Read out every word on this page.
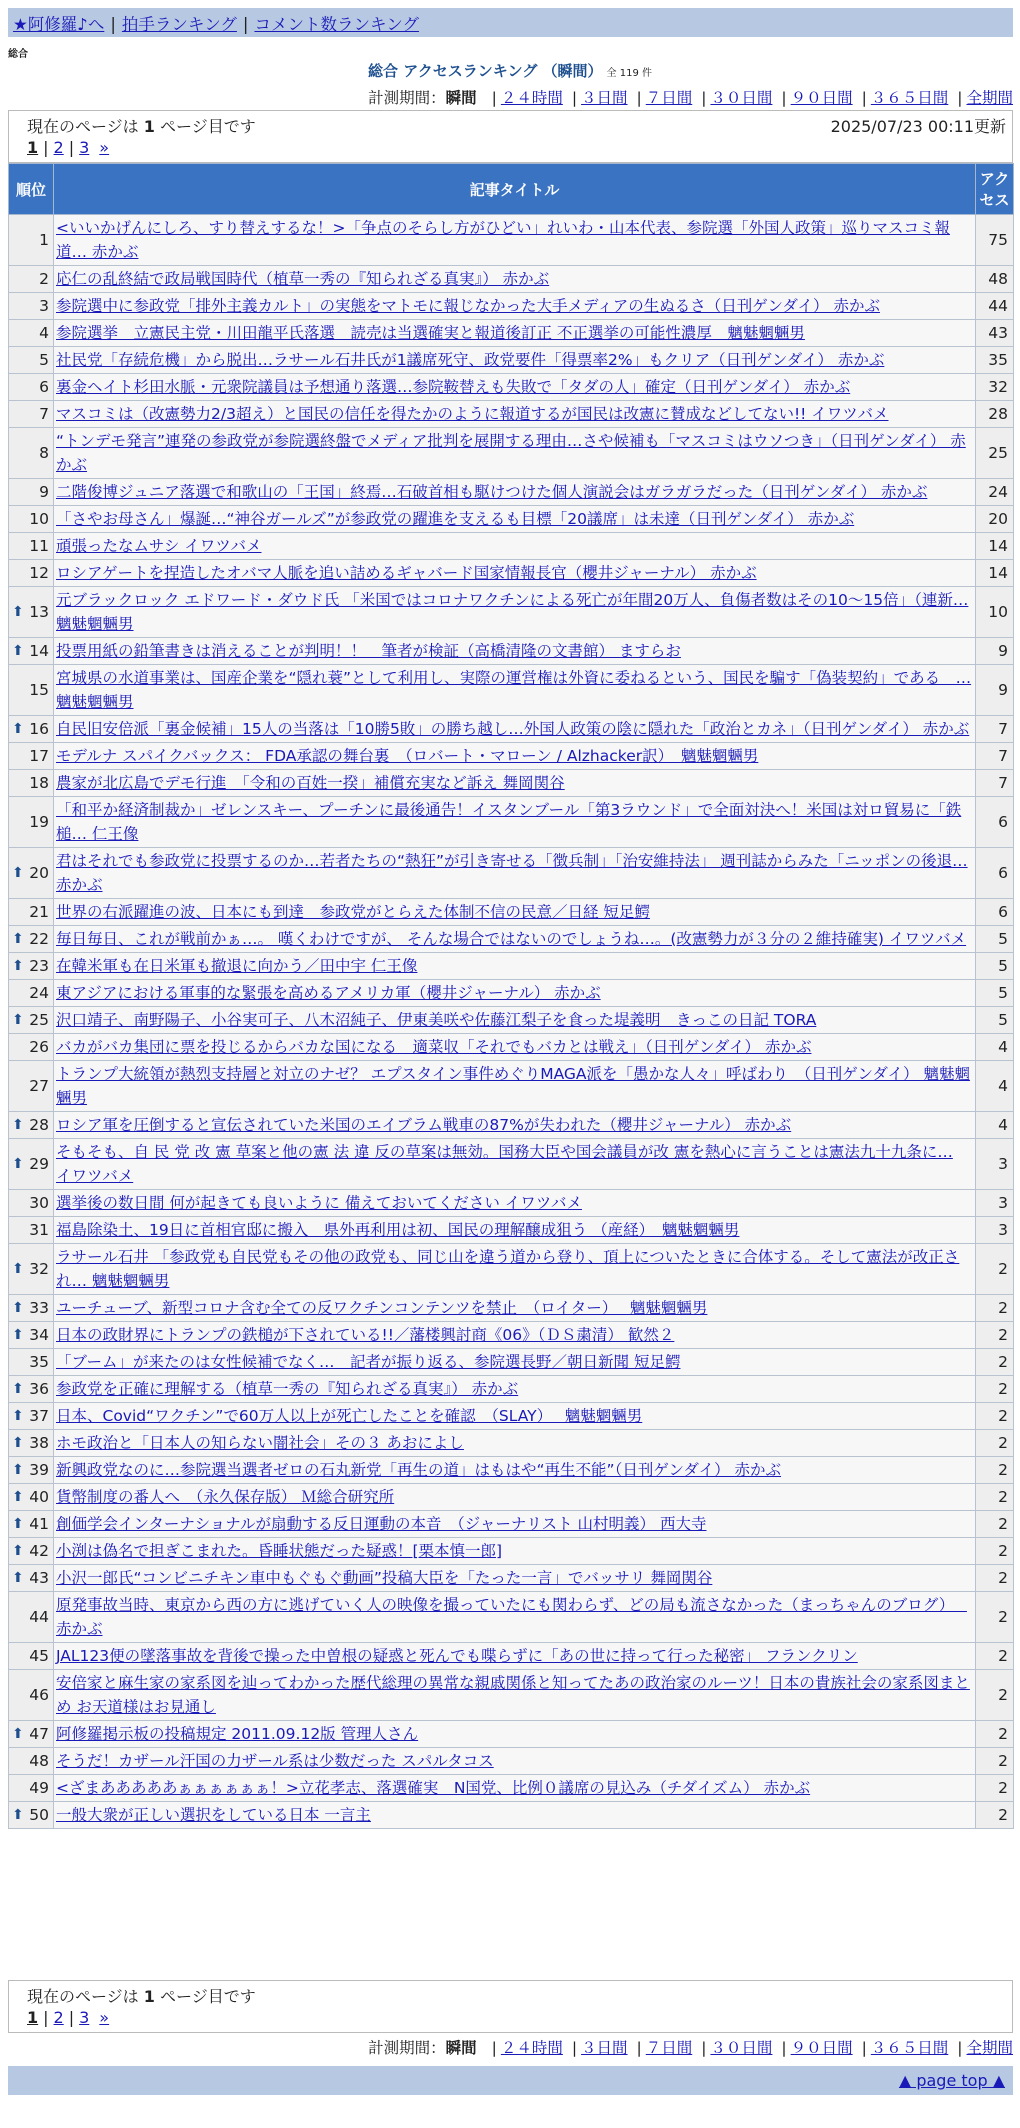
★阿修羅♪へ | 拍手ランキング | コメント数ランキング
総合
総合 アクセスランキング （瞬間） 全 119 件
計測期間：瞬間 | ２４時間 | ３日間 | ７日間 | ３０日間 | ９０日間 | ３６５日間 | 全期間
現在のページは 1 ページ目です	2025/07/23 00:11更新
1 | 2 | 3 »
順位	記事タイトル	アクセス
1	<いいかげんにしろ、すり替えするな！>「争点のそらし方がひどい」れいわ・山本代表、参院選「外国人政策」巡りマスコミ報道… 赤かぶ	75
2	応仁の乱終結で政局戦国時代（植草一秀の『知られざる真実』） 赤かぶ	48
3	参院選中に参政党「排外主義カルト」の実態をマトモに報じなかった大手メディアの生ぬるさ（日刊ゲンダイ） 赤かぶ	44
4	参院選挙　立憲民主党・川田龍平氏落選　読売は当選確実と報道後訂正 不正選挙の可能性濃厚　魑魅魍魎男	43
5	社民党「存続危機」から脱出…ラサール石井氏が1議席死守、政党要件「得票率2%」もクリア（日刊ゲンダイ） 赤かぶ	35
6	裏金ヘイト杉田水脈・元衆院議員は予想通り落選…参院鞍替えも失敗で「タダの人」確定（日刊ゲンダイ） 赤かぶ	32
7	マスコミは（改憲勢力2/3超え）と国民の信任を得たかのように報道するが国民は改憲に賛成などしてない!! イワツバメ	28
8	“トンデモ発言”連発の参政党が参院選終盤でメディア批判を展開する理由…さや候補も「マスコミはウソつき」（日刊ゲンダイ） 赤かぶ	25
9	二階俊博ジュニア落選で和歌山の「王国」終焉…石破首相も駆けつけた個人演説会はガラガラだった（日刊ゲンダイ） 赤かぶ	24
10	「さやお母さん」爆誕…“神谷ガールズ”が参政党の躍進を支えるも目標「20議席」は未達（日刊ゲンダイ） 赤かぶ	20
11	頑張ったなムサシ イワツバメ	14
12	ロシアゲートを捏造したオバマ人脈を追い詰めるギャバード国家情報長官（櫻井ジャーナル） 赤かぶ	14

⬆ 13	元ブラックロック エドワード・ダウド氏 「米国ではコロナワクチンによる死亡が年間20万人、負傷者数はその10〜15倍」（連新… 魑魅魍魎男	10

⬆ 14	投票用紙の鉛筆書きは消えることが判明！！　筆者が検証（高橋清隆の文書館） ますらお	9
15	宮城県の水道事業は、国産企業を“隠れ蓑”として利用し、実際の運営権は外資に委ねるという、国民を騙す「偽装契約」である　… 魑魅魍魎男	9

⬆ 16	自民旧安倍派「裏金候補」15人の当落は「10勝5敗」の勝ち越し…外国人政策の陰に隠れた「政治とカネ」（日刊ゲンダイ） 赤かぶ	7
17	モデルナ スパイクバックス： FDA承認の舞台裏　（ロバート・マローン / Alzhacker訳）　魑魅魍魎男	7
18	農家が北広島でデモ行進　「令和の百姓一揆」補償充実など訴え 舞岡関谷	7
19	「和平か経済制裁か」ゼレンスキー、プーチンに最後通告！イスタンブール「第3ラウンド」で全面対決へ！米国は対ロ貿易に「鉄槌… 仁王像	6

⬆ 20	君はそれでも参政党に投票するのか…若者たちの“熱狂”が引き寄せる「徴兵制」「治安維持法」 週刊誌からみた「ニッポンの後退… 赤かぶ	6
21	世界の右派躍進の波、日本にも到達　参政党がとらえた体制不信の民意／日経 短足鰐	6

⬆ 22	毎日毎日、これが戦前かぁ…。 嘆くわけですが、 そんな場合ではないのでしょうね…。(改憲勢力が３分の２維持確実) イワツバメ	5

⬆ 23	在韓米軍も在日米軍も撤退に向かう／田中宇 仁王像	5
24	東アジアにおける軍事的な緊張を高めるアメリカ軍（櫻井ジャーナル） 赤かぶ	5

⬆ 25	沢口靖子、南野陽子、小谷実可子、八木沼純子、伊東美咲や佐藤江梨子を食った堤義明　きっこの日記 TORA	5
26	バカがバカ集団に票を投じるからバカな国になる　適菜収「それでもバカとは戦え」（日刊ゲンダイ） 赤かぶ	4
27	トランプ大統領が熱烈支持層と対立のナゼ？ エプスタイン事件めぐりMAGA派を「愚かな人々」呼ばわり　（日刊ゲンダイ） 魑魅魍魎男	4

⬆ 28	ロシア軍を圧倒すると宣伝されていた米国のエイブラム戦車の87%が失われた（櫻井ジャーナル） 赤かぶ	4

⬆ 29	そもそも、自 民 党 改 憲 草案と他の憲 法 違 反の草案は無効。国務大臣や国会議員が改 憲を熱心に言うことは憲法九十九条に… イワツバメ	3
30	選挙後の数日間 何が起きても良いように 備えておいてください イワツバメ	3
31	福島除染土、19日に首相官邸に搬入　県外再利用は初、国民の理解醸成狙う （産経）　魑魅魍魎男	3

⬆ 32	ラサール石井 「参政党も自民党もその他の政党も、同じ山を違う道から登り、頂上についたときに合体する。そして憲法が改正され… 魑魅魍魎男	2

⬆ 33	ユーチューブ、新型コロナ含む全ての反ワクチンコンテンツを禁止　（ロイター）　 魑魅魍魎男	2

⬆ 34	日本の政財界にトランプの鉄槌が下されている!!／藩楼興討商《06》（ＤＳ粛清） 歓然２	2
35	「ブーム」が来たのは女性候補でなく…　記者が振り返る、参院選長野／朝日新聞 短足鰐	2

⬆ 36	参政党を正確に理解する（植草一秀の『知られざる真実』） 赤かぶ	2

⬆ 37	日本、Covid“ワクチン”で60万人以上が死亡したことを確認　（SLAY）　 魑魅魍魎男	2

⬆ 38	ホモ政治と「日本人の知らない闇社会」その３ あおによし	2

⬆ 39	新興政党なのに…参院選当選者ゼロの石丸新党「再生の道」はもはや“再生不能”（日刊ゲンダイ） 赤かぶ	2

⬆ 40	貨幣制度の番人へ　（永久保存版） Ｍ総合研究所	2

⬆ 41	創価学会インターナショナルが扇動する反日運動の本音　（ジャーナリスト 山村明義） 西大寺	2

⬆ 42	小渕は偽名で担ぎこまれた。昏睡状態だった疑惑！[栗本慎一郎]	2

⬆ 43	小沢一郎氏“コンビニチキン車中もぐもぐ動画”投稿大臣を「たった一言」でバッサリ 舞岡関谷	2
44	原発事故当時、東京から西の方に逃げていく人の映像を撮っていたにも関わらず、どの局も流さなかった（まっちゃんのブログ）　 赤かぶ	2
45	JAL123便の墜落事故を背後で操った中曽根の疑惑と死んでも喋らずに「あの世に持って行った秘密」 フランクリン	2
46	安倍家と麻生家の家系図を辿ってわかった歴代総理の異常な親戚関係と知ってたあの政治家のルーツ！日本の貴族社会の家系図まとめ お天道様はお見通し	2

⬆ 47	阿修羅掲示板の投稿規定 2011.09.12版 管理人さん	2
48	そうだ！カザール汗国の力ザール系は少数だった スパルタコス	2
49	<ざまあああああぁぁぁぁぁぁ！>立花孝志、落選確実　N国党、比例０議席の見込み（チダイズム） 赤かぶ	2

⬆ 50	一般大衆が正しい選択をしている日本 一言主	2
現在のページは 1 ページ目です
1 | 2 | 3 »
計測期間：瞬間 | ２４時間 | ３日間 | ７日間 | ３０日間 | ９０日間 | ３６５日間 | 全期間
▲ page top ▲
